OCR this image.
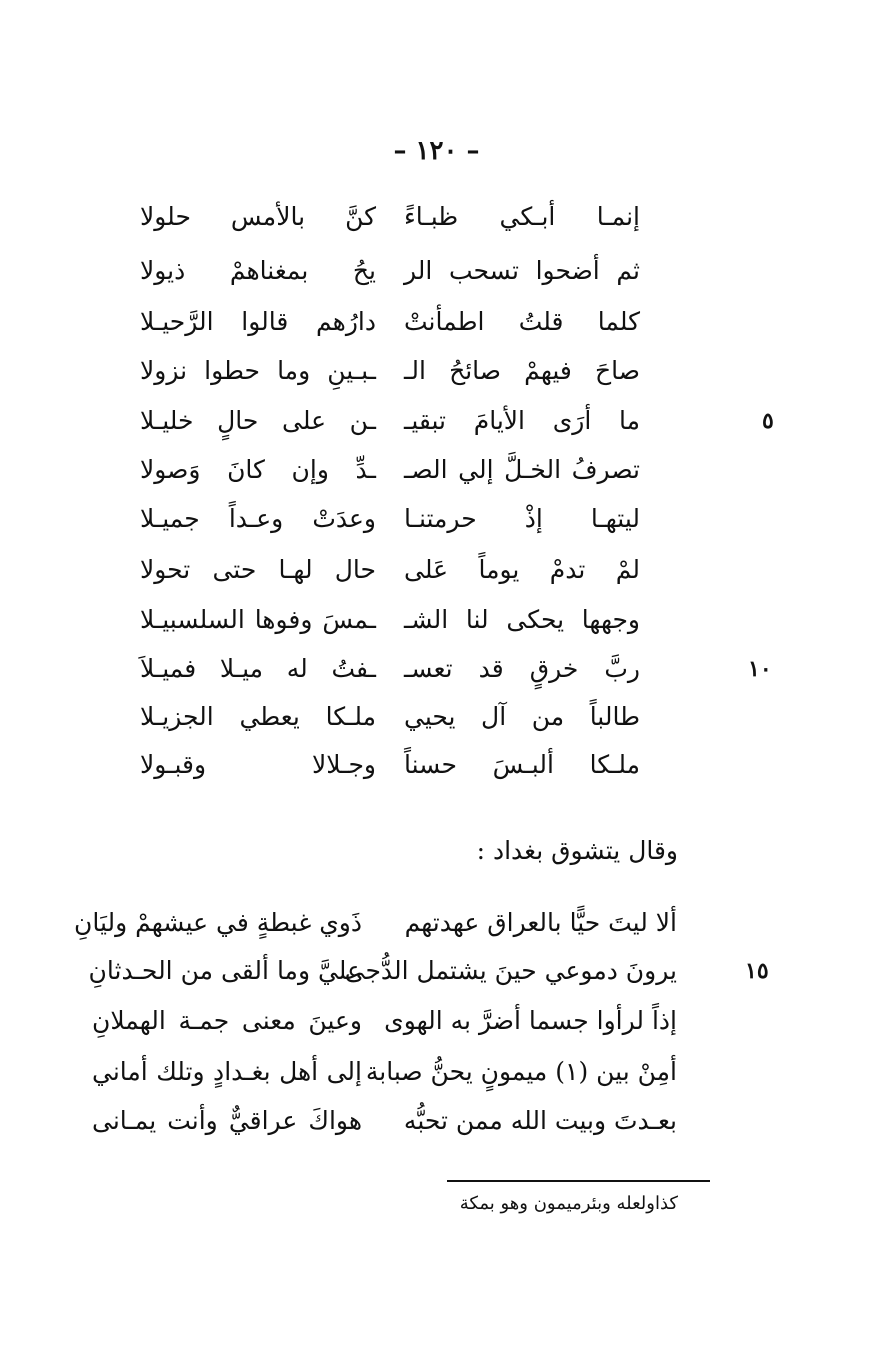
– ١٢٠ –
إنمـا أبـكي ظبـاءً
كنَّ بالأمس حلولا
ثم أضحوا تسحب الر
يحُ بمغناهمْ ذيولا
كلما قلتُ اطمأنتْ
دارُهم قالوا الرَّحيـلا
صاحَ فيهمْ صائحُ الـ
ـبـينِ وما حطوا نزولا
ما أرَى الأيامَ تبقيـ
ـن على حالٍ خليـلا
تصرفُ الخـلَّ إلي الصـ
ـدِّ وإن كانَ وَصولا
ليتهـا إذْ حرمتنـا
وعدَتْ وعـداً جميـلا
لمْ تدمْ يوماً عَلى
حال لهـا حتى تحولا
وجهها يحكى لنا الشـ
ـمسَ وفوها السلسبيـلا
ربَّ خرقٍ قد تعسـ
ـفتُ له ميـلا فميـلاَ
طالباً من آل يحيي
ملـكا يعطي الجزيـلا
ملـكا ألبـسَ حسناً
وجـلالا وقبـولا
٥
١٠
١٥
وقال يتشوق بغداد :
ألا ليتَ حيًّا بالعراق عهدتهم
ذَوي غبطةٍ في عيشهمْ وليَانِ
يرونَ دموعي حينَ يشتمل الدُّجى
عليَّ وما ألقى من الحـدثانِ
إذاً لرأوا جسما أضرَّ به الهوى
وعينَ معنى جمـة الهملانِ
أمِنْ بين (١) ميمونٍ يحنُّ صبابة
إلى أهل بغـدادٍ وتلك أماني
بعـدتَ وبيت الله ممن تحبُّه
هواكَ عراقيٌّ وأنت يمـانى
كذاولعله وبئرميمون وهو بمكة
